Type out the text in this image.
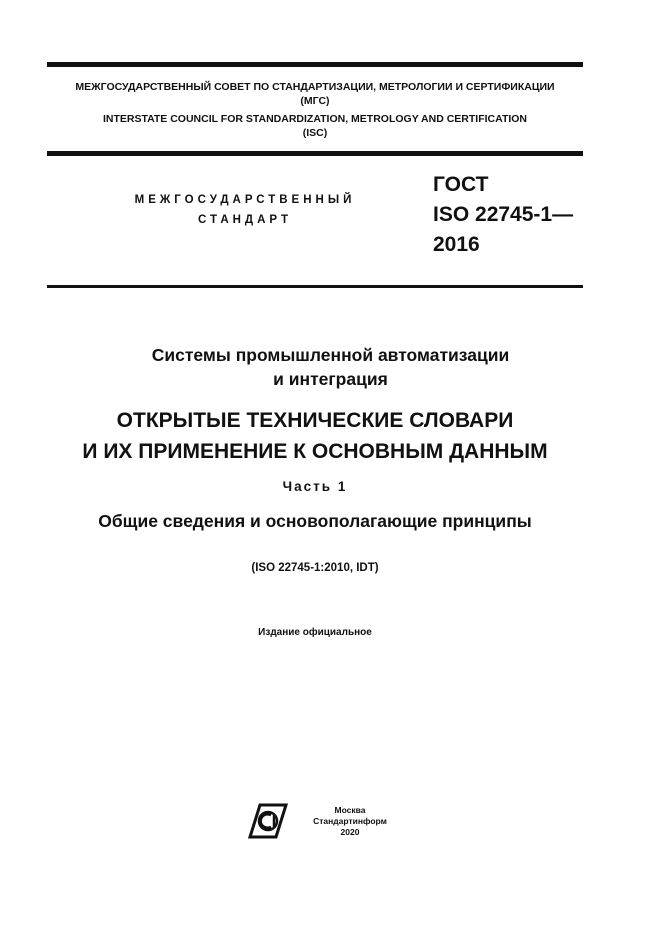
МЕЖГОСУДАРСТВЕННЫЙ СОВЕТ ПО СТАНДАРТИЗАЦИИ, МЕТРОЛОГИИ И СЕРТИФИКАЦИИ
(МГС)
INTERSTATE COUNCIL FOR STANDARDIZATION, METROLOGY AND CERTIFICATION
(ISC)
МЕЖГОСУДАРСТВЕННЫЙ
СТАНДАРТ
ГОСТ
ISO 22745-1—
2016
Системы промышленной автоматизации
и интеграция
ОТКРЫТЫЕ ТЕХНИЧЕСКИЕ СЛОВАРИ
И ИХ ПРИМЕНЕНИЕ К ОСНОВНЫМ ДАННЫМ
Часть 1
Общие сведения и основополагающие принципы
(ISO 22745-1:2010, IDT)
Издание официальное
Москва
Стандартинформ
2020
